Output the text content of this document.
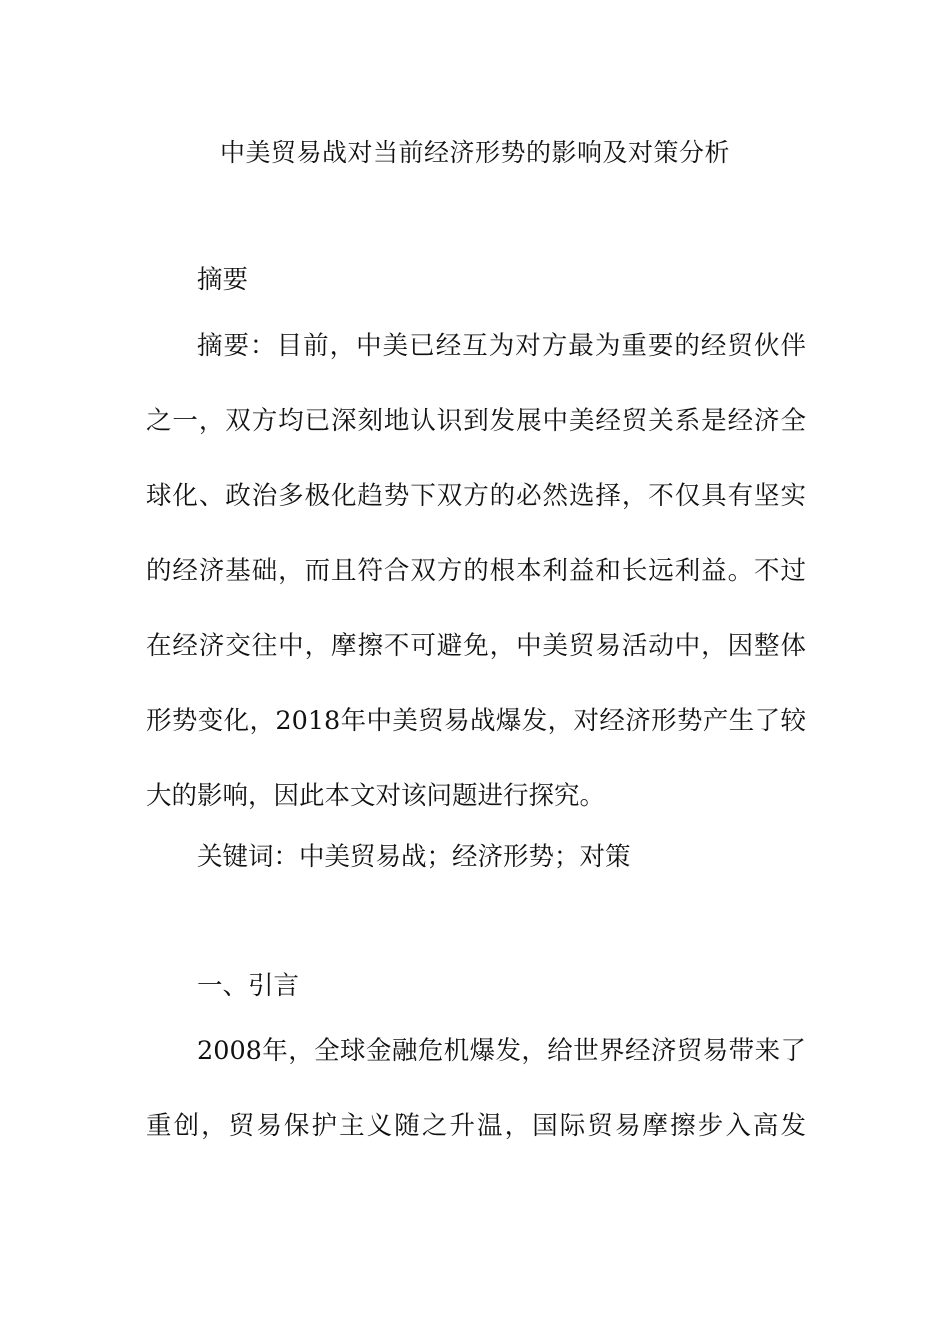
中美贸易战对当前经济形势的影响及对策分析
摘要
摘要：目前，中美已经互为对方最为重要的经贸伙伴
之一，双方均已深刻地认识到发展中美经贸关系是经济全
球化、政治多极化趋势下双方的必然选择，不仅具有坚实
的经济基础，而且符合双方的根本利益和长远利益。不过
在经济交往中，摩擦不可避免，中美贸易活动中，因整体
形势变化，2018年中美贸易战爆发，对经济形势产生了较
大的影响，因此本文对该问题进行探究。
关键词：中美贸易战；经济形势；对策
一、引言
2008年，全球金融危机爆发，给世界经济贸易带来了
重创，贸易保护主义随之升温，国际贸易摩擦步入高发
